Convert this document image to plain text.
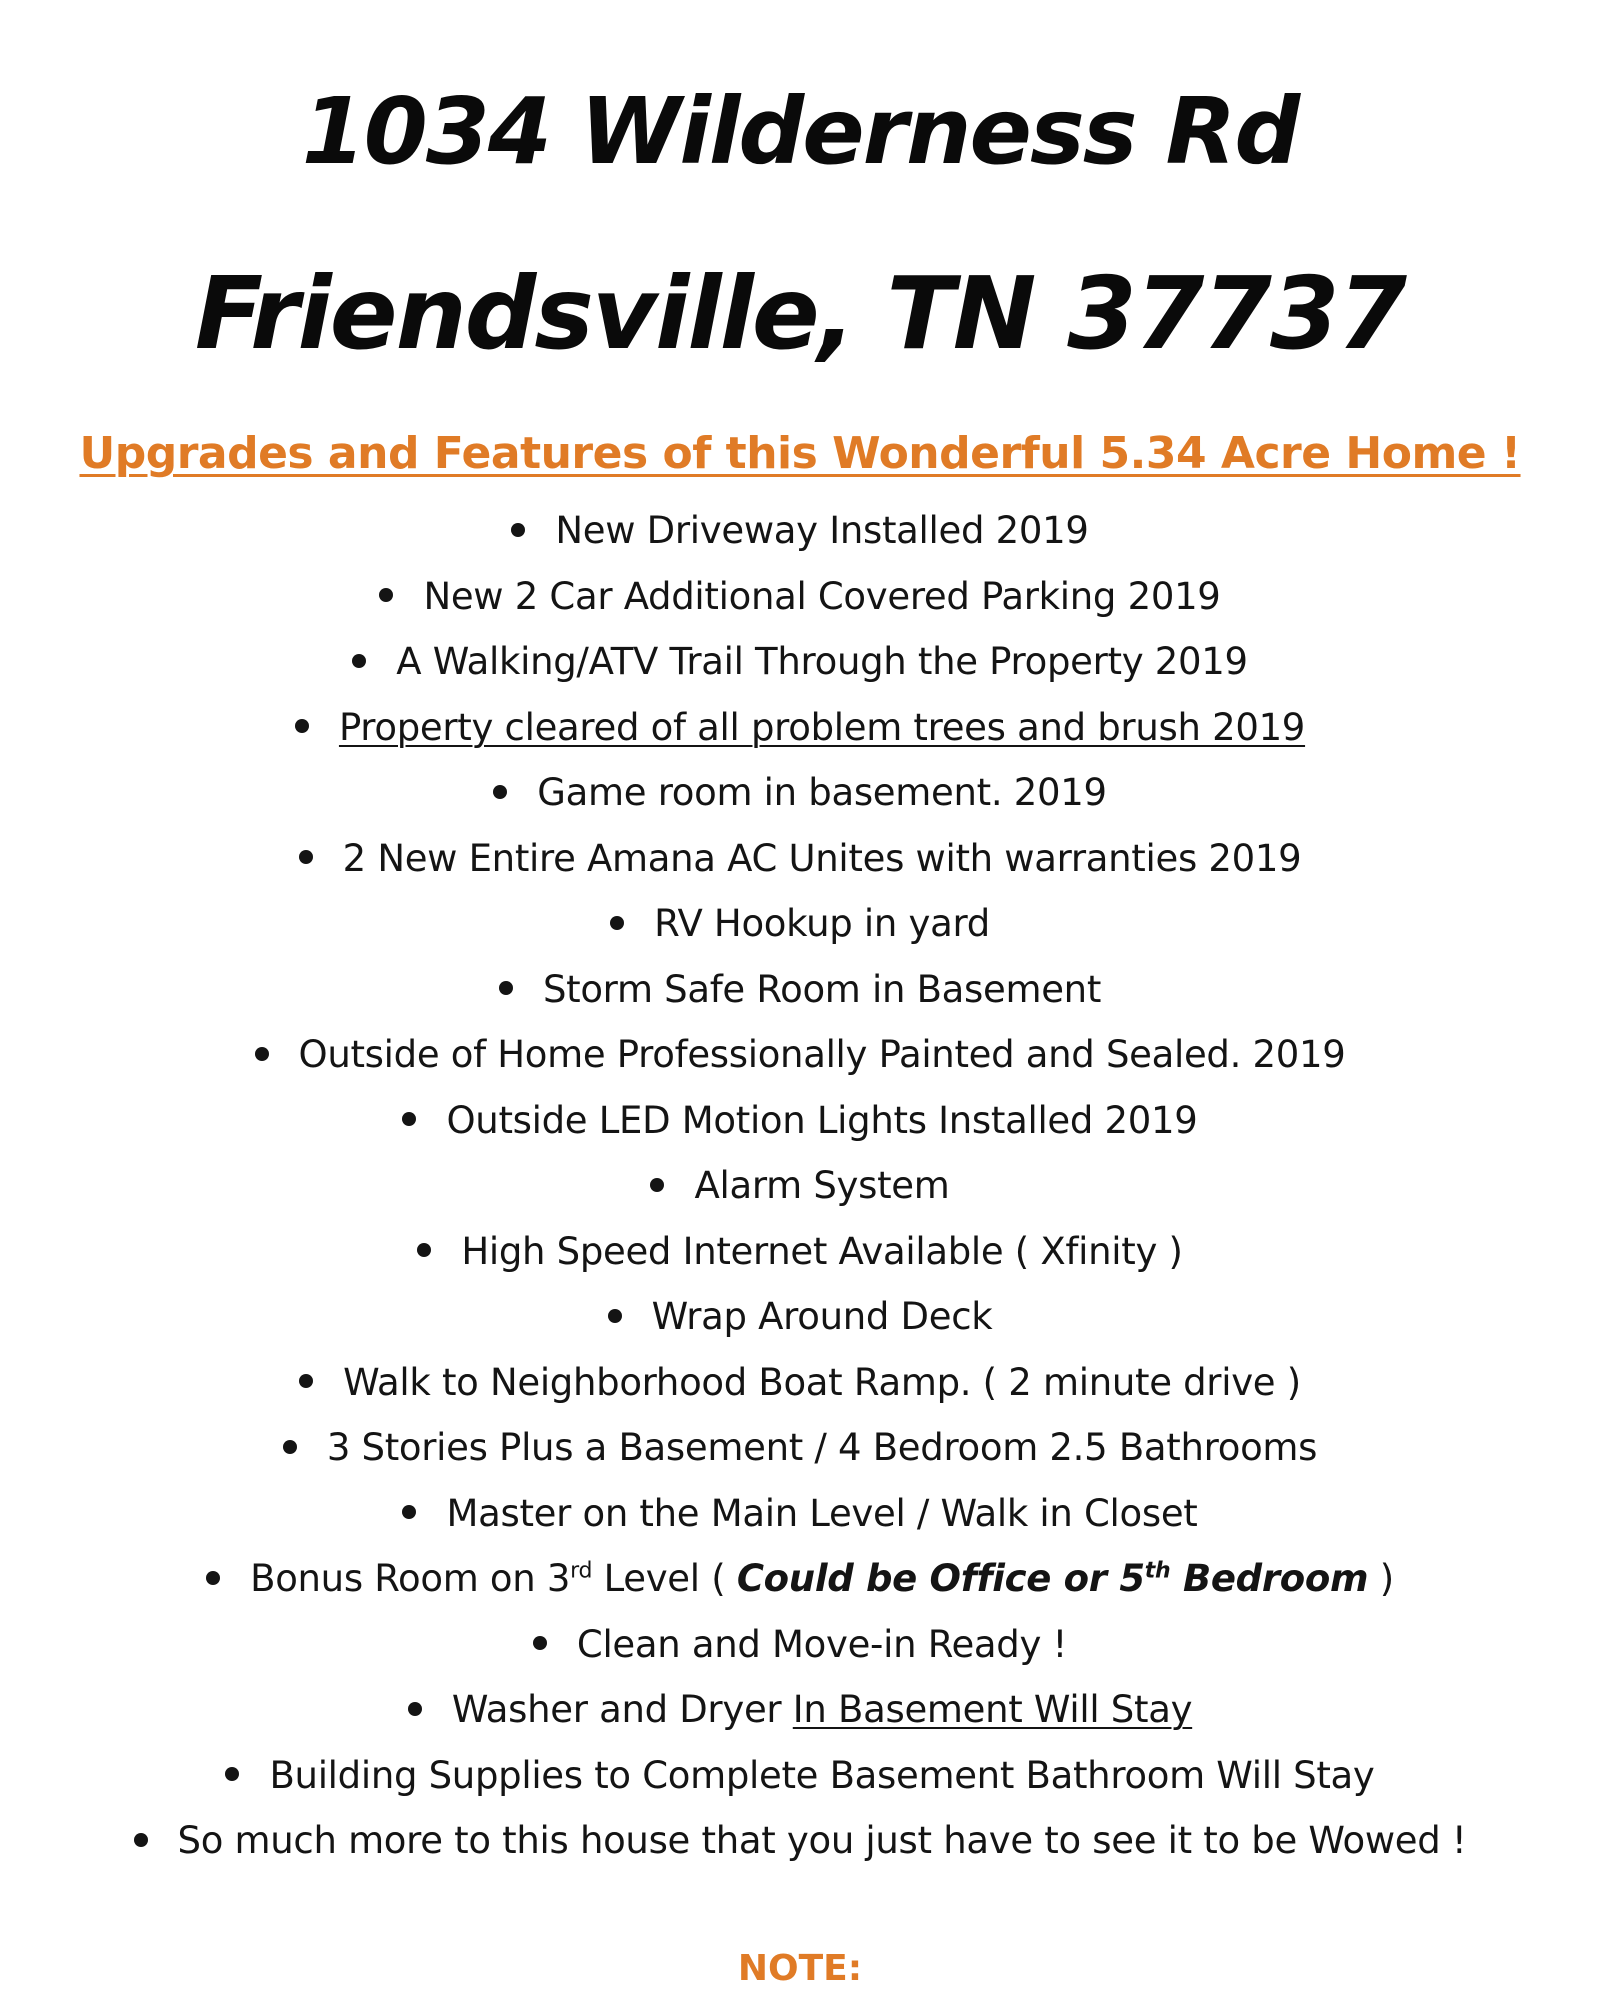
1034 Wilderness Rd
Friendsville, TN 37737
Upgrades and Features of this Wonderful 5.34 Acre Home !
New Driveway Installed 2019
New 2 Car Additional Covered Parking 2019
A Walking/ATV Trail Through the Property 2019
Property cleared of all problem trees and brush 2019
Game room in basement. 2019
2 New Entire Amana AC Unites with warranties 2019
RV Hookup in yard
Storm Safe Room in Basement
Outside of Home Professionally Painted and Sealed. 2019
Outside LED Motion Lights Installed 2019
Alarm System
High Speed Internet Available ( Xfinity )
Wrap Around Deck
Walk to Neighborhood Boat Ramp. ( 2 minute drive )
3 Stories Plus a Basement / 4 Bedroom 2.5 Bathrooms
Master on the Main Level / Walk in Closet
Bonus Room on 3rd Level ( Could be Office or 5th Bedroom )
Clean and Move-in Ready !
Washer and Dryer In Basement Will Stay
Building Supplies to Complete Basement Bathroom Will Stay
So much more to this house that you just have to see it to be Wowed !
NOTE:
